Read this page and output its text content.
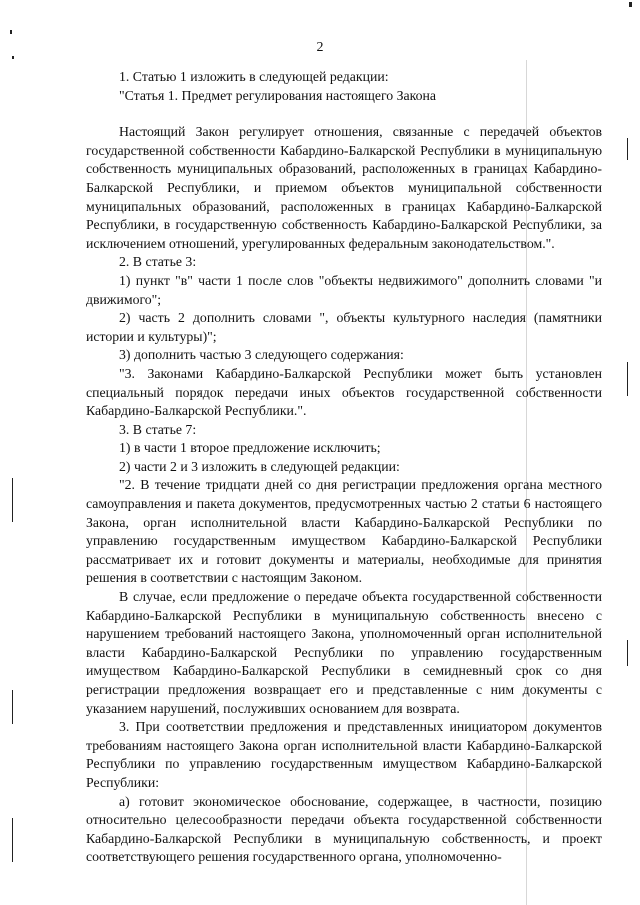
2

1. Статью 1 изложить в следующей редакции:

"Статья 1. Предмет регулирования настоящего Закона

Настоящий Закон регулирует отношения, связанные с передачей объектов государственной собственности Кабардино-Балкарской Республики в муниципальную собственность муниципальных образований, расположенных в границах Кабардино-Балкарской Республики, и приемом объектов муниципальной собственности муниципальных образований, расположенных в границах Кабардино-Балкарской Республики, в государственную собственность Кабардино-Балкарской Республики, за исключением отношений, урегулированных федеральным законодательством.".

2. В статье 3:

1) пункт "в" части 1 после слов "объекты недвижимого" дополнить словами "и движимого";

2) часть 2 дополнить словами ", объекты культурного наследия (памятники истории и культуры)";

3) дополнить частью 3 следующего содержания:

"3. Законами Кабардино-Балкарской Республики может быть установлен специальный порядок передачи иных объектов государственной собственности Кабардино-Балкарской Республики.".

3. В статье 7:

1) в части 1 второе предложение исключить;

2) части 2 и 3 изложить в следующей редакции:

"2. В течение тридцати дней со дня регистрации предложения органа местного самоуправления и пакета документов, предусмотренных частью 2 статьи 6 настоящего Закона, орган исполнительной власти Кабардино-Балкарской Республики по управлению государственным имуществом Кабардино-Балкарской Республики рассматривает их и готовит документы и материалы, необходимые для принятия решения в соответствии с настоящим Законом.

В случае, если предложение о передаче объекта государственной собственности Кабардино-Балкарской Республики в муниципальную собственность внесено с нарушением требований настоящего Закона, уполномоченный орган исполнительной власти Кабардино-Балкарской Республики по управлению государственным имуществом Кабардино-Балкарской Республики в семидневный срок со дня регистрации предложения возвращает его и представленные с ним документы с указанием нарушений, послуживших основанием для возврата.

3. При соответствии предложения и представленных инициатором документов требованиям настоящего Закона орган исполнительной власти Кабардино-Балкарской Республики по управлению государственным имуществом Кабардино-Балкарской Республики:

а) готовит экономическое обоснование, содержащее, в частности, позицию относительно целесообразности передачи объекта государственной собственности Кабардино-Балкарской Республики в муниципальную собственность, и проект соответствующего решения государственного органа, уполномоченно-
